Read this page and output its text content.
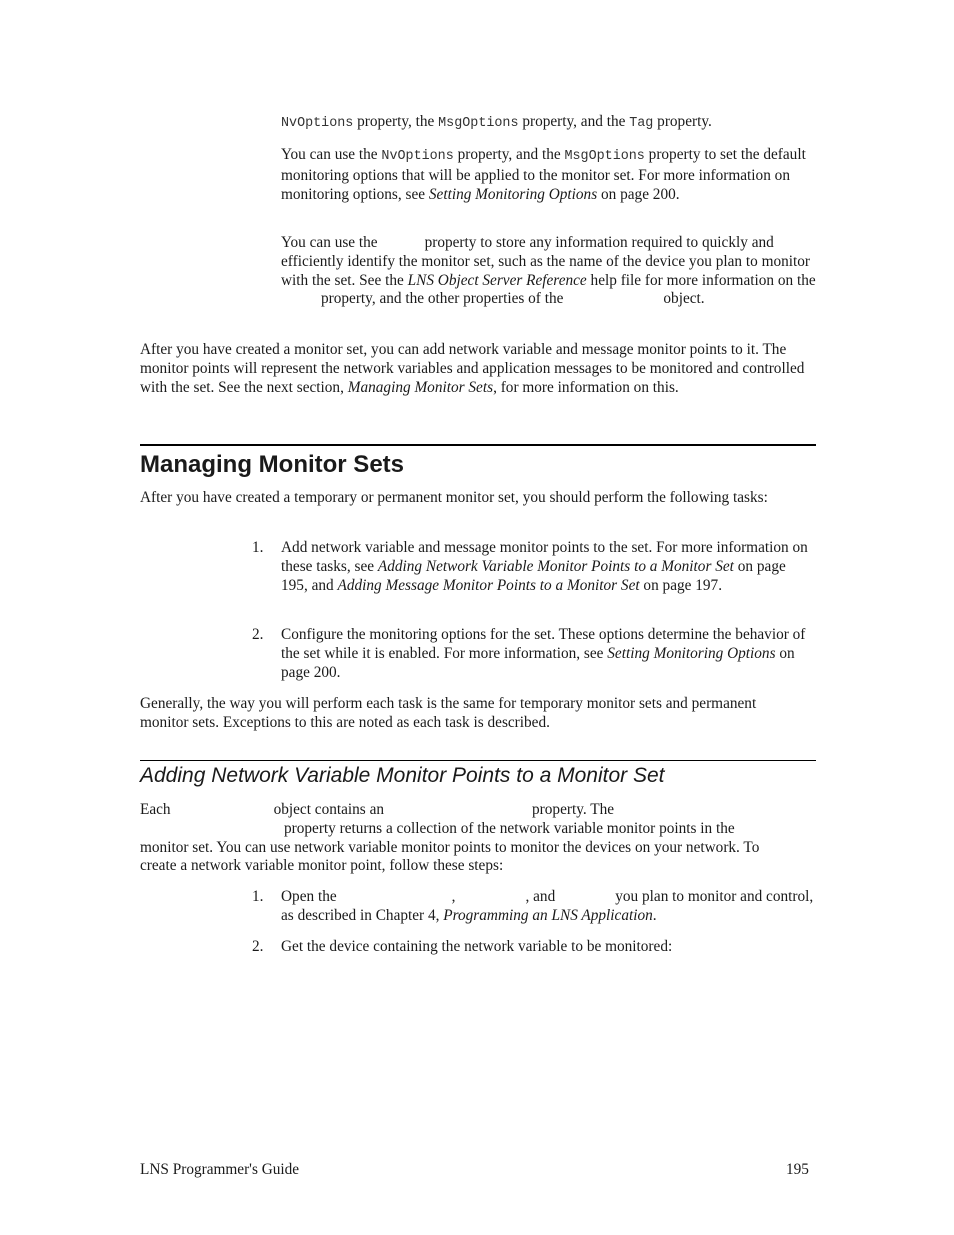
NvOptions property, the MsgOptions property, and the Tag property.

You can use the NvOptions property, and the MsgOptions property to set the default monitoring options that will be applied to the monitor set. For more information on monitoring options, see Setting Monitoring Options on page 200.

You can use the	property to store any information required to quickly and efficiently identify the monitor set, such as the name of the device you plan to monitor with the set. See the LNS Object Server Reference help file for more information on theproperty, and the other properties of the	object.

After you have created a monitor set, you can add network variable and message monitor points to it. The monitor points will represent the network variables and application messages to be monitored and controlled with the set. See the next section, Managing Monitor Sets, for more information on this.

Managing Monitor Sets

After you have created a temporary or permanent monitor set, you should perform the following tasks:

1. Add network variable and message monitor points to the set. For more information on these tasks, see Adding Network Variable Monitor Points to a Monitor Set on page 195, and Adding Message Monitor Points to a Monitor Set on page 197.

2. Configure the monitoring options for the set. These options determine the behavior of the set while it is enabled. For more information, see Setting Monitoring Options on page 200.

Generally, the way you will perform each task is the same for temporary monitor sets and permanent monitor sets. Exceptions to this are noted as each task is described.

Adding Network Variable Monitor Points to a Monitor Set

Each	object contains an	property. Theproperty returns a collection of the network variable monitor points in the monitor set. You can use network variable monitor points to monitor the devices on your network. To create a network variable monitor point, follow these steps:

1. Open the	,	, and	you plan to monitor and control, as described in Chapter 4, Programming an LNS Application.

2. Get the device containing the network variable to be monitored:

LNS Programmer's Guide	195
